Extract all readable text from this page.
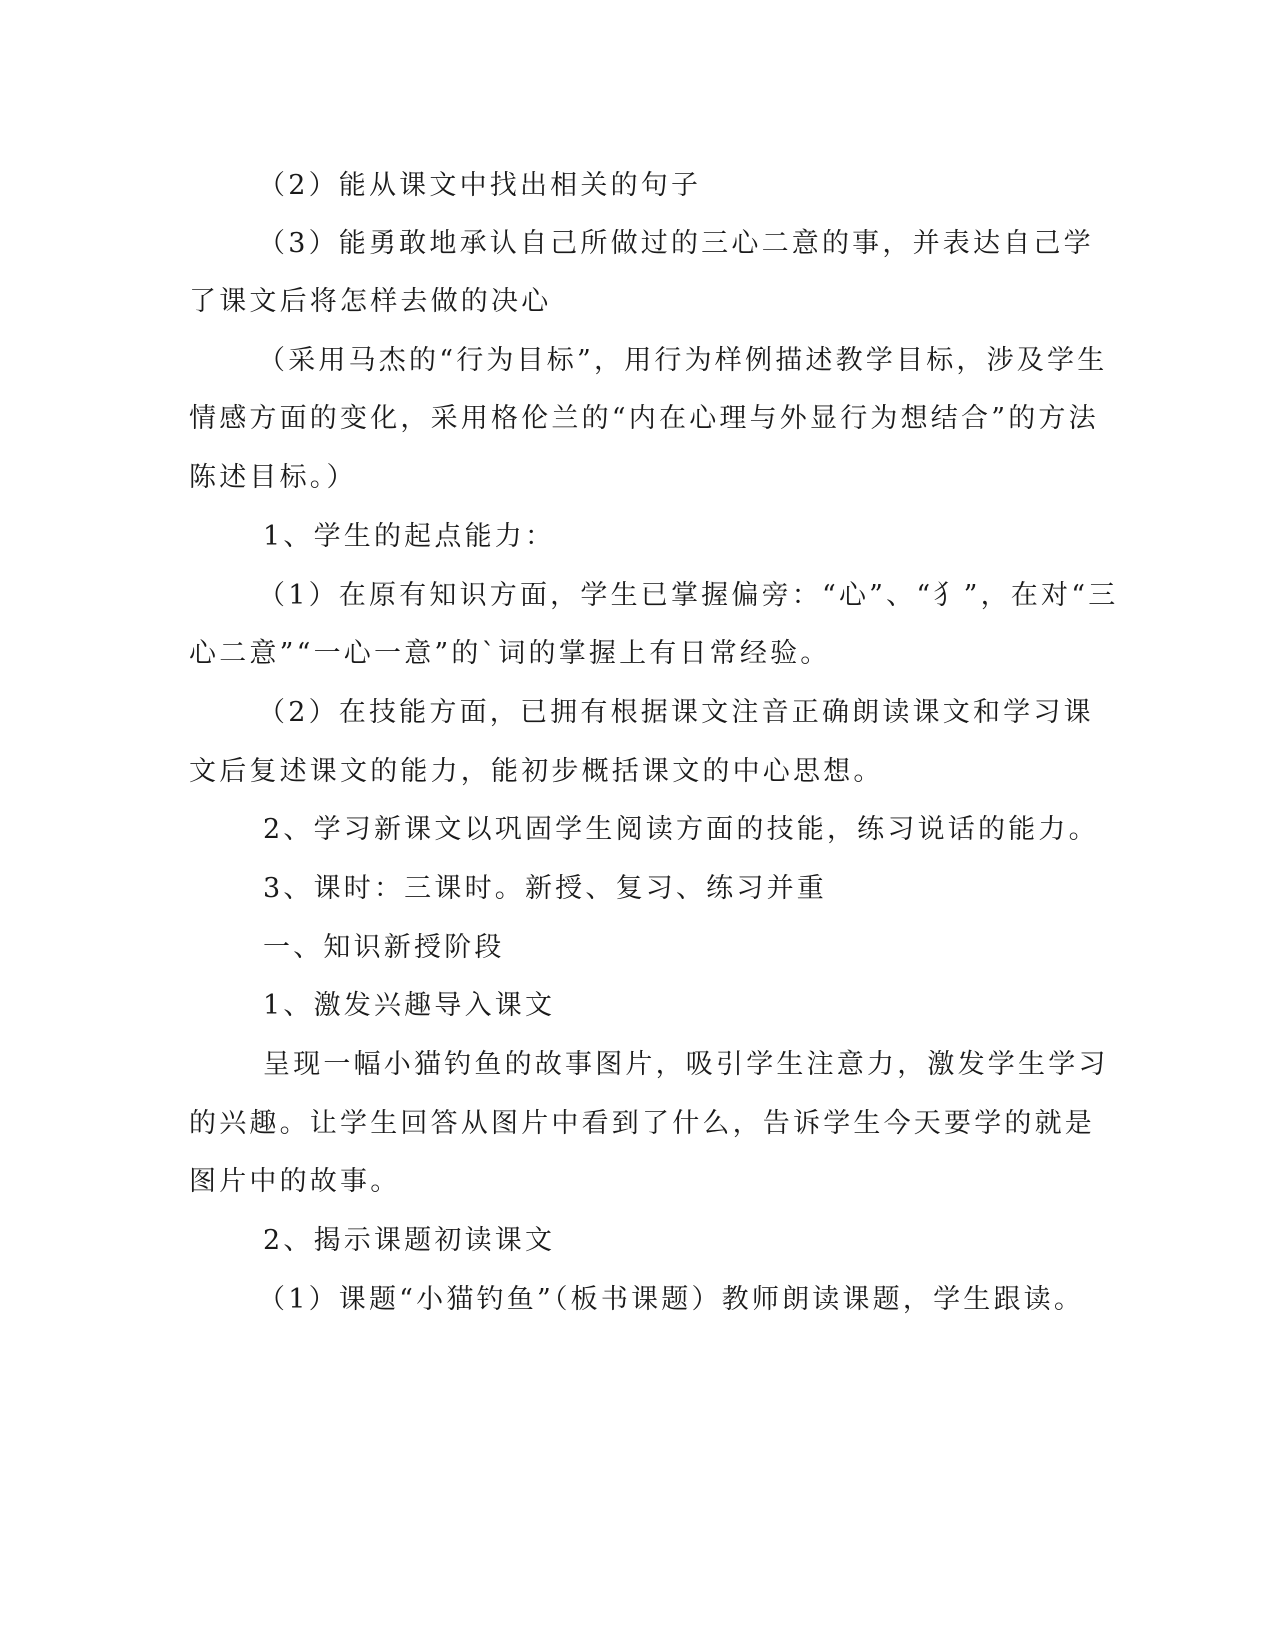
（2）能从课文中找出相关的句子

（3）能勇敢地承认自己所做过的三心二意的事，并表达自己学

了课文后将怎样去做的决心

（采用马杰的“行为目标”，用行为样例描述教学目标，涉及学生

情感方面的变化，采用格伦兰的“内在心理与外显行为想结合”的方法

陈述目标。）

1、学生的起点能力：

（1）在原有知识方面，学生已掌握偏旁：“心”、“犭”，在对“三

心二意”“一心一意”的`词的掌握上有日常经验。

（2）在技能方面，已拥有根据课文注音正确朗读课文和学习课

文后复述课文的能力，能初步概括课文的中心思想。

2、学习新课文以巩固学生阅读方面的技能，练习说话的能力。

3、课时：三课时。新授、复习、练习并重

一、知识新授阶段

1、激发兴趣导入课文

呈现一幅小猫钓鱼的故事图片，吸引学生注意力，激发学生学习

的兴趣。让学生回答从图片中看到了什么，告诉学生今天要学的就是

图片中的故事。

2、揭示课题初读课文

（1）课题“小猫钓鱼”（板书课题）教师朗读课题，学生跟读。
